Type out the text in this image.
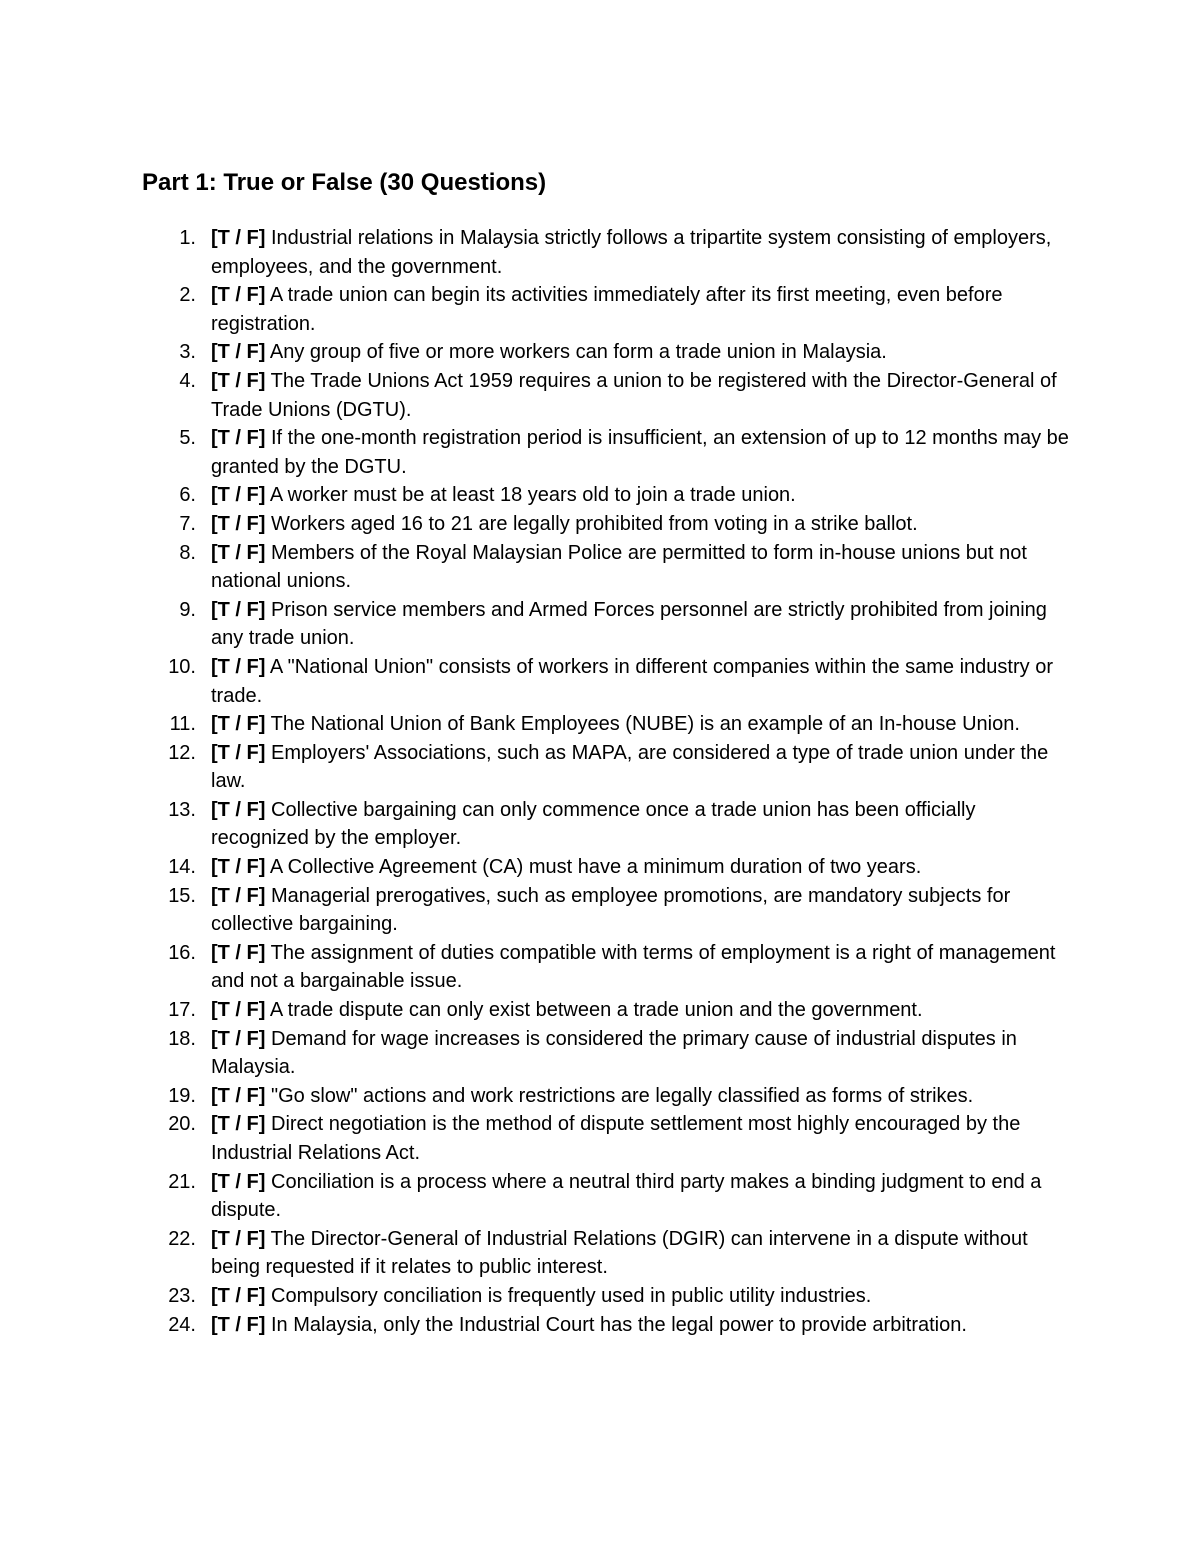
Part 1: True or False (30 Questions)
1. [T / F] Industrial relations in Malaysia strictly follows a tripartite system consisting of employers, employees, and the government.
2. [T / F] A trade union can begin its activities immediately after its first meeting, even before registration.
3. [T / F] Any group of five or more workers can form a trade union in Malaysia.
4. [T / F] The Trade Unions Act 1959 requires a union to be registered with the Director-General of Trade Unions (DGTU).
5. [T / F] If the one-month registration period is insufficient, an extension of up to 12 months may be granted by the DGTU.
6. [T / F] A worker must be at least 18 years old to join a trade union.
7. [T / F] Workers aged 16 to 21 are legally prohibited from voting in a strike ballot.
8. [T / F] Members of the Royal Malaysian Police are permitted to form in-house unions but not national unions.
9. [T / F] Prison service members and Armed Forces personnel are strictly prohibited from joining any trade union.
10. [T / F] A "National Union" consists of workers in different companies within the same industry or trade.
11. [T / F] The National Union of Bank Employees (NUBE) is an example of an In-house Union.
12. [T / F] Employers' Associations, such as MAPA, are considered a type of trade union under the law.
13. [T / F] Collective bargaining can only commence once a trade union has been officially recognized by the employer.
14. [T / F] A Collective Agreement (CA) must have a minimum duration of two years.
15. [T / F] Managerial prerogatives, such as employee promotions, are mandatory subjects for collective bargaining.
16. [T / F] The assignment of duties compatible with terms of employment is a right of management and not a bargainable issue.
17. [T / F] A trade dispute can only exist between a trade union and the government.
18. [T / F] Demand for wage increases is considered the primary cause of industrial disputes in Malaysia.
19. [T / F] "Go slow" actions and work restrictions are legally classified as forms of strikes.
20. [T / F] Direct negotiation is the method of dispute settlement most highly encouraged by the Industrial Relations Act.
21. [T / F] Conciliation is a process where a neutral third party makes a binding judgment to end a dispute.
22. [T / F] The Director-General of Industrial Relations (DGIR) can intervene in a dispute without being requested if it relates to public interest.
23. [T / F] Compulsory conciliation is frequently used in public utility industries.
24. [T / F] In Malaysia, only the Industrial Court has the legal power to provide arbitration.
